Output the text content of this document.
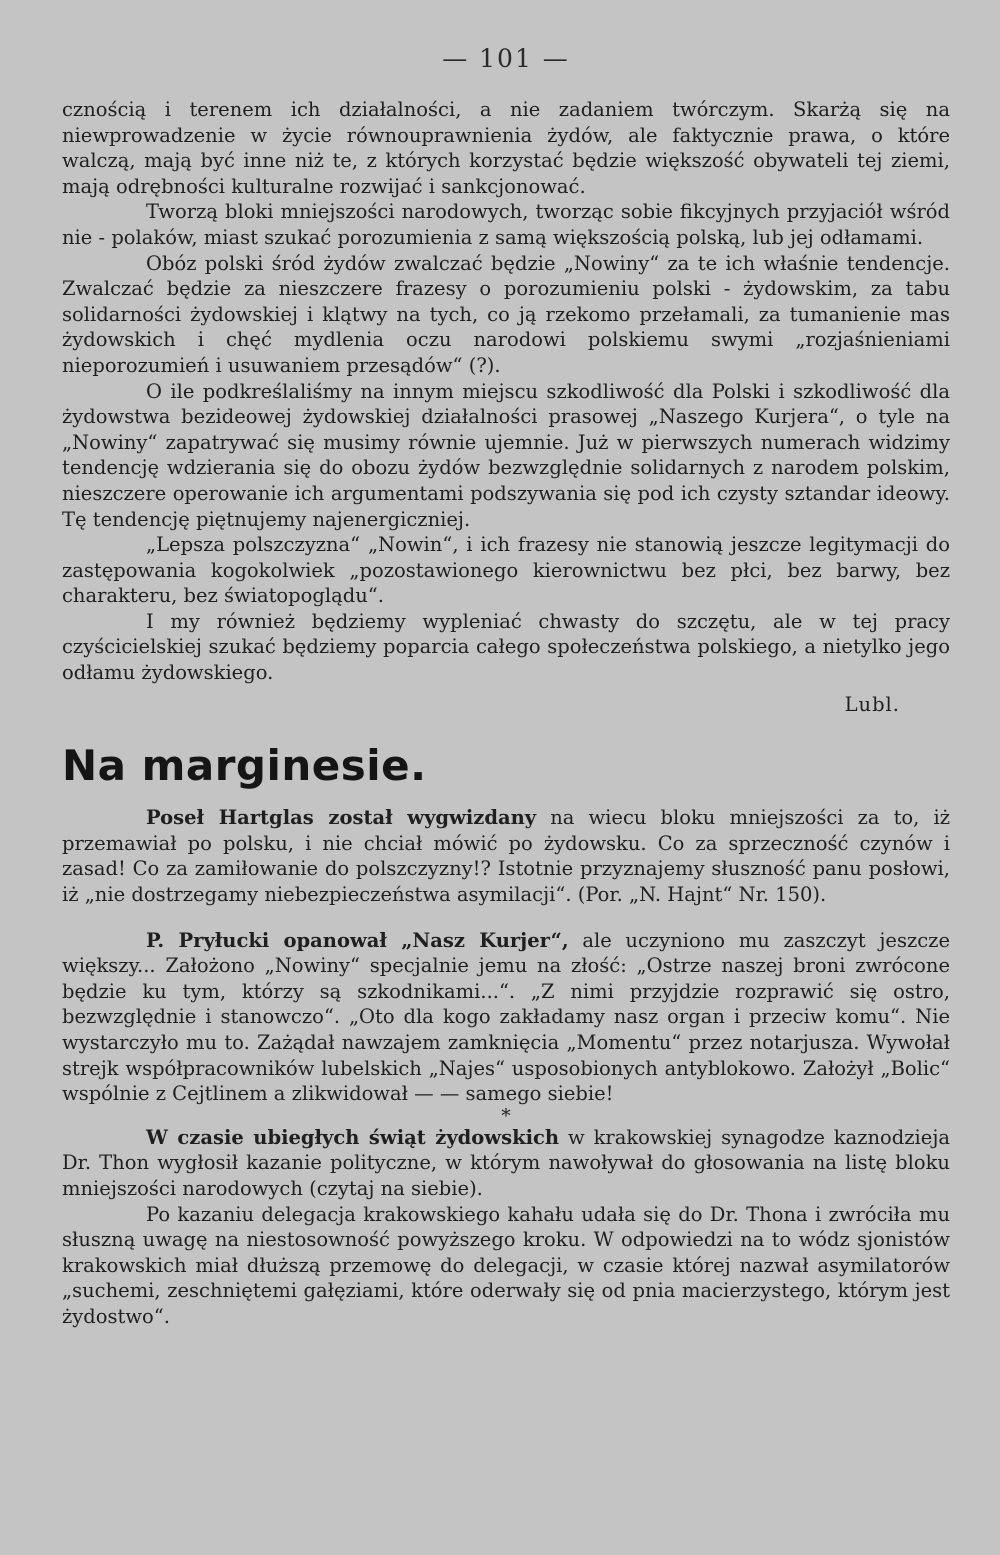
— 101 —

cznością i terenem ich działalności, a nie zadaniem twórczym. Skarżą się na niewprowadzenie w życie równouprawnienia żydów, ale faktycznie prawa, o które walczą, mają być inne niż te, z których korzystać będzie większość obywateli tej ziemi, mają odrębności kulturalne rozwijać i sankcjonować.

Tworzą bloki mniejszości narodowych, tworząc sobie fikcyjnych przyjaciół wśród nie - polaków, miast szukać porozumienia z samą większością polską, lub jej odłamami.

Obóz polski śród żydów zwalczać będzie „Nowiny“ za te ich właśnie tendencje. Zwalczać będzie za nieszczere frazesy o porozumieniu polski - żydowskim, za tabu solidarności żydowskiej i klątwy na tych, co ją rzekomo przełamali, za tumanienie mas żydowskich i chęć mydlenia oczu narodowi polskiemu swymi „rozjaśnieniami nieporozumień i usuwaniem przesądów“ (?).

O ile podkreślaliśmy na innym miejscu szkodliwość dla Polski i szkodliwość dla żydowstwa bezideowej żydowskiej działalności prasowej „Naszego Kurjera“, o tyle na „Nowiny“ zapatrywać się musimy równie ujemnie. Już w pierwszych numerach widzimy tendencję wdzierania się do obozu żydów bezwzględnie solidarnych z narodem polskim, nieszczere operowanie ich argumentami podszywania się pod ich czysty sztandar ideowy. Tę tendencję piętnujemy najenergiczniej.

„Lepsza polszczyzna“ „Nowin“, i ich frazesy nie stanowią jeszcze legitymacji do zastępowania kogokolwiek „pozostawionego kierownictwu bez płci, bez barwy, bez charakteru, bez światopoglądu“.

I my również będziemy wypleniać chwasty do szczętu, ale w tej pracy czyścicielskiej szukać będziemy poparcia całego społeczeństwa polskiego, a nietylko jego odłamu żydowskiego.

Lubl.

Na marginesie.

Poseł Hartglas został wygwizdany na wiecu bloku mniejszości za to, iż przemawiał po polsku, i nie chciał mówić po żydowsku. Co za sprzeczność czynów i zasad! Co za zamiłowanie do polszczyzny!? Istotnie przyznajemy słuszność panu posłowi, iż „nie dostrzegamy niebezpieczeństwa asymilacji“. (Por. „N. Hajnt“ Nr. 150).

P. Pryłucki opanował „Nasz Kurjer“, ale uczyniono mu zaszczyt jeszcze większy... Założono „Nowiny“ specjalnie jemu na złość: „Ostrze naszej broni zwrócone będzie ku tym, którzy są szkodnikami...“. „Z nimi przyjdzie rozprawić się ostro, bezwzględnie i stanowczo“. „Oto dla kogo zakładamy nasz organ i przeciw komu“. Nie wystarczyło mu to. Zażądał nawzajem zamknięcia „Momentu“ przez notarjusza. Wywołał strejk współpracowników lubelskich „Najes“ usposobionych antyblokowo. Założył „Bolic“ wspólnie z Cejtlinem a zlikwidował — — samego siebie!

*

W czasie ubiegłych świąt żydowskich w krakowskiej synagodze kaznodzieja Dr. Thon wygłosił kazanie polityczne, w którym nawoływał do głosowania na listę bloku mniejszości narodowych (czytaj na siebie).

Po kazaniu delegacja krakowskiego kahału udała się do Dr. Thona i zwróciła mu słuszną uwagę na niestosowność powyższego kroku. W odpowiedzi na to wódz sjonistów krakowskich miał dłuższą przemowę do delegacji, w czasie której nazwał asymilatorów „suchemi, zeschniętemi gałęziami, które oderwały się od pnia macierzystego, którym jest żydostwo“.
